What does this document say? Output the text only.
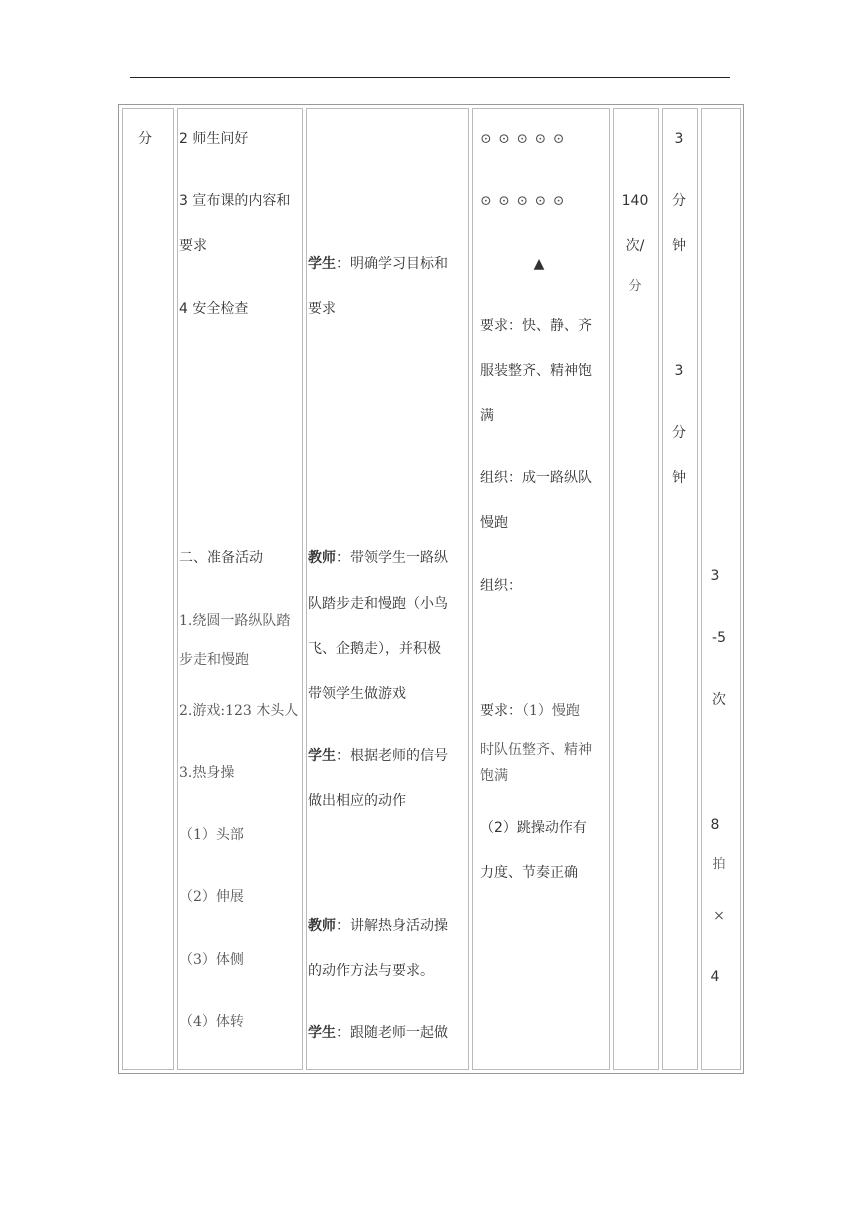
分 2 师生问好
3 宣布课的内容和
要求
4 安全检查
二、准备活动
1.绕圆一路纵队踏
步走和慢跑
2.游戏:123 木头人
3.热身操
（1）头部
（2）伸展
（3）体侧
（4）体转
学生：明确学习目标和
要求
教师：带领学生一路纵
队踏步走和慢跑（小鸟
飞、企鹅走），并积极
带领学生做游戏
学生：根据老师的信号
做出相应的动作
教师：讲解热身活动操
的动作方法与要求。
学生：跟随老师一起做
⊙ ⊙ ⊙ ⊙ ⊙
⊙ ⊙ ⊙ ⊙ ⊙
▲
要求：快、静、齐
服装整齐、精神饱
满
组织：成一路纵队
慢跑
组织：
要求：（1）慢跑
时队伍整齐、精神
饱满
（2）跳操动作有
力度、节奏正确
140
次/
分
3
分
钟
3
分
钟
3
-5
次
8
拍
×
4
